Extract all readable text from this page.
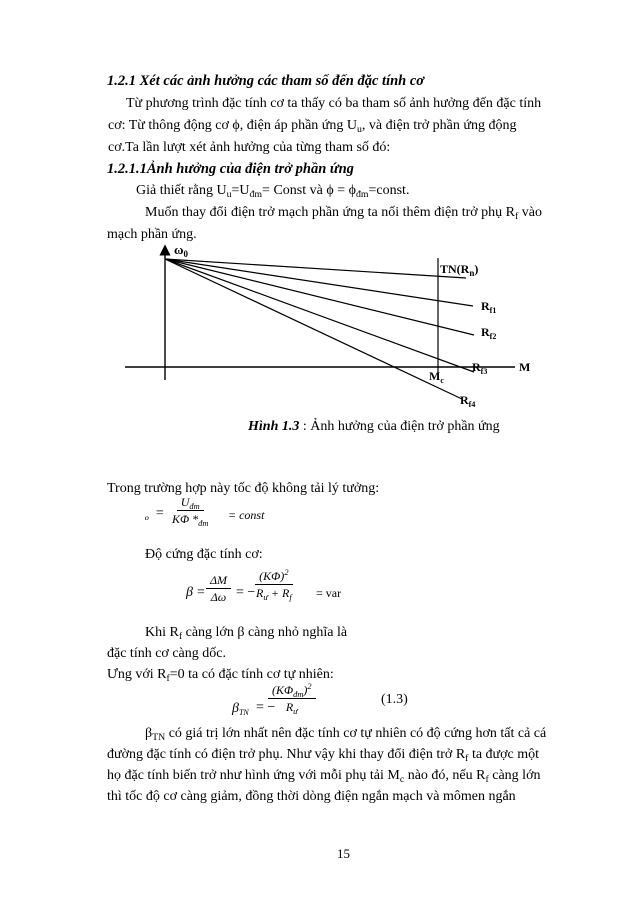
1.2.1 Xét các ảnh hưởng các tham số đến đặc tính cơ
Từ phương trình đặc tính cơ ta thấy có ba tham số ảnh hưởng đến đặc tính
cơ: Từ thông động cơ ϕ, điện áp phần ứng $U_u$, và điện trở phần ứng động
cơ.Ta lần lượt xét ảnh hưởng của từng tham số đó:
1.2.1.1Ảnh hưởng của điện trở phần ứng
Giả thiết rằng $U_u=U_{đm}=$ Const và $\phi = \phi_{đm}=const$.
Muốn thay đổi điện trở mạch phần ứng ta nối thêm điện trở phụ $R_f$ vào
mạch phần ứng.
$\omega_0$
$TN(R_n)$
$R_{f1}$
$R_{f2}$
$R_{f3}$
$R_{f4}$
$M_c$
M
Hình 1.3 : Ảnh hưởng của điện trở phần ứng
Trong trường hợp này tốc độ không tải lý tưởng:
ₒ =
$U_{đm}$
KΦ $*_{đm}$
= const
Độ cứng đặc tính cơ:
$\beta = \frac{\Delta M}{\Delta\omega}$ = −
$\frac{(K\Phi)^2}{R_ư + R_f}$ = var
Khi $R_f$ càng lớn β càng nhỏ nghĩa là
đặc tính cơ càng dốc.
Ưng với $R_f=0$ ta có đặc tính cơ tự nhiên:
$\beta_{TN}$ = −
$(K\Phi_{đm})^2$
$R_ư$
(1.3)
$\beta_{TN}$ có giá trị lớn nhất nên đặc tính cơ tự nhiên có độ cứng hơn tất cả cá
đường đặc tính có điện trở phụ. Như vậy khi thay đổi điện trở $R_f$ ta được một
họ đặc tính biến trở như hình ứng với mỗi phụ tải $M_c$ nào đó, nếu $R_f$ càng lớn
thì tốc độ cơ càng giảm, đồng thời dòng điện ngắn mạch và mômen ngắn
15
